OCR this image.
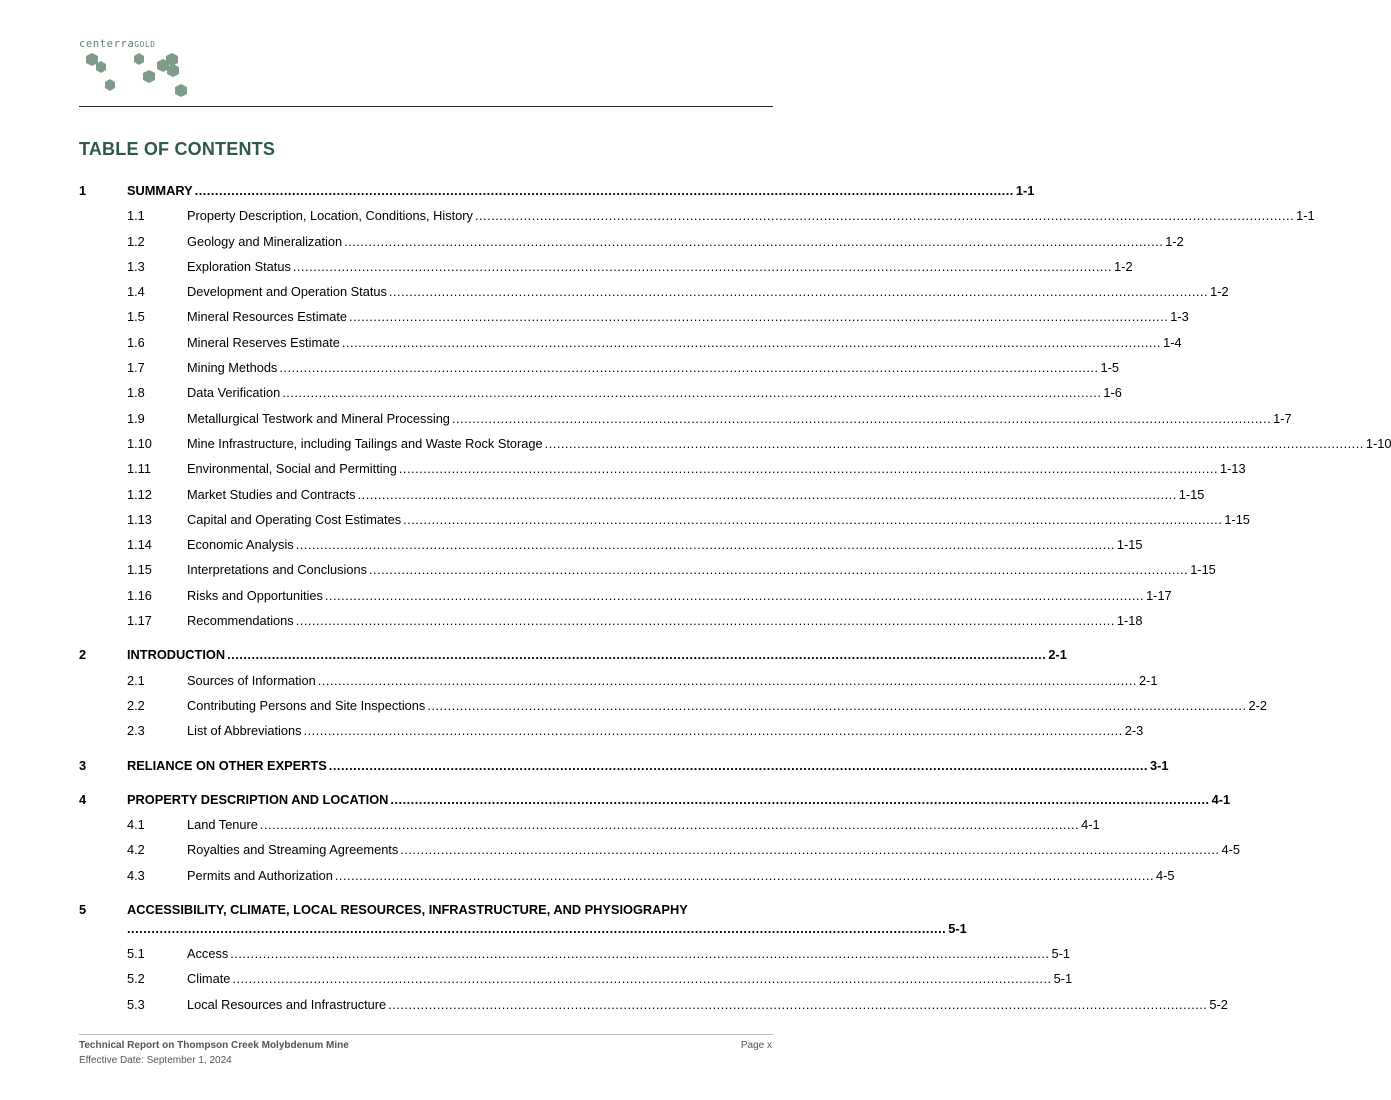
centerraGOLD
TABLE OF CONTENTS
1	SUMMARY .......................................................................................................................................................................................................... 1-1
1.1	Property Description, Location, Conditions, History .......................................................................................................................................................................................................... 1-1
1.2	Geology and Mineralization .......................................................................................................................................................................................................... 1-2
1.3	Exploration Status .......................................................................................................................................................................................................... 1-2
1.4	Development and Operation Status .......................................................................................................................................................................................................... 1-2
1.5	Mineral Resources Estimate .......................................................................................................................................................................................................... 1-3
1.6	Mineral Reserves Estimate .......................................................................................................................................................................................................... 1-4
1.7	Mining Methods .......................................................................................................................................................................................................... 1-5
1.8	Data Verification .......................................................................................................................................................................................................... 1-6
1.9	Metallurgical Testwork and Mineral Processing .......................................................................................................................................................................................................... 1-7
1.10	Mine Infrastructure, including Tailings and Waste Rock Storage .......................................................................................................................................................................................................... 1-10
1.11	Environmental, Social and Permitting .......................................................................................................................................................................................................... 1-13
1.12	Market Studies and Contracts .......................................................................................................................................................................................................... 1-15
1.13	Capital and Operating Cost Estimates .......................................................................................................................................................................................................... 1-15
1.14	Economic Analysis .......................................................................................................................................................................................................... 1-15
1.15	Interpretations and Conclusions .......................................................................................................................................................................................................... 1-15
1.16	Risks and Opportunities .......................................................................................................................................................................................................... 1-17
1.17	Recommendations .......................................................................................................................................................................................................... 1-18
2	INTRODUCTION .......................................................................................................................................................................................................... 2-1
2.1	Sources of Information .......................................................................................................................................................................................................... 2-1
2.2	Contributing Persons and Site Inspections .......................................................................................................................................................................................................... 2-2
2.3	List of Abbreviations .......................................................................................................................................................................................................... 2-3
3	RELIANCE ON OTHER EXPERTS .......................................................................................................................................................................................................... 3-1
4	PROPERTY DESCRIPTION AND LOCATION .......................................................................................................................................................................................................... 4-1
4.1	Land Tenure .......................................................................................................................................................................................................... 4-1
4.2	Royalties and Streaming Agreements .......................................................................................................................................................................................................... 4-5
4.3	Permits and Authorization .......................................................................................................................................................................................................... 4-5
5	ACCESSIBILITY, CLIMATE, LOCAL RESOURCES, INFRASTRUCTURE, AND PHYSIOGRAPHY
.......................................................................................................................................................................................................... 5-1
5.1	Access .......................................................................................................................................................................................................... 5-1
5.2	Climate .......................................................................................................................................................................................................... 5-1
5.3	Local Resources and Infrastructure .......................................................................................................................................................................................................... 5-2
Technical Report on Thompson Creek Molybdenum Mine
Effective Date: September 1, 2024
Page x
